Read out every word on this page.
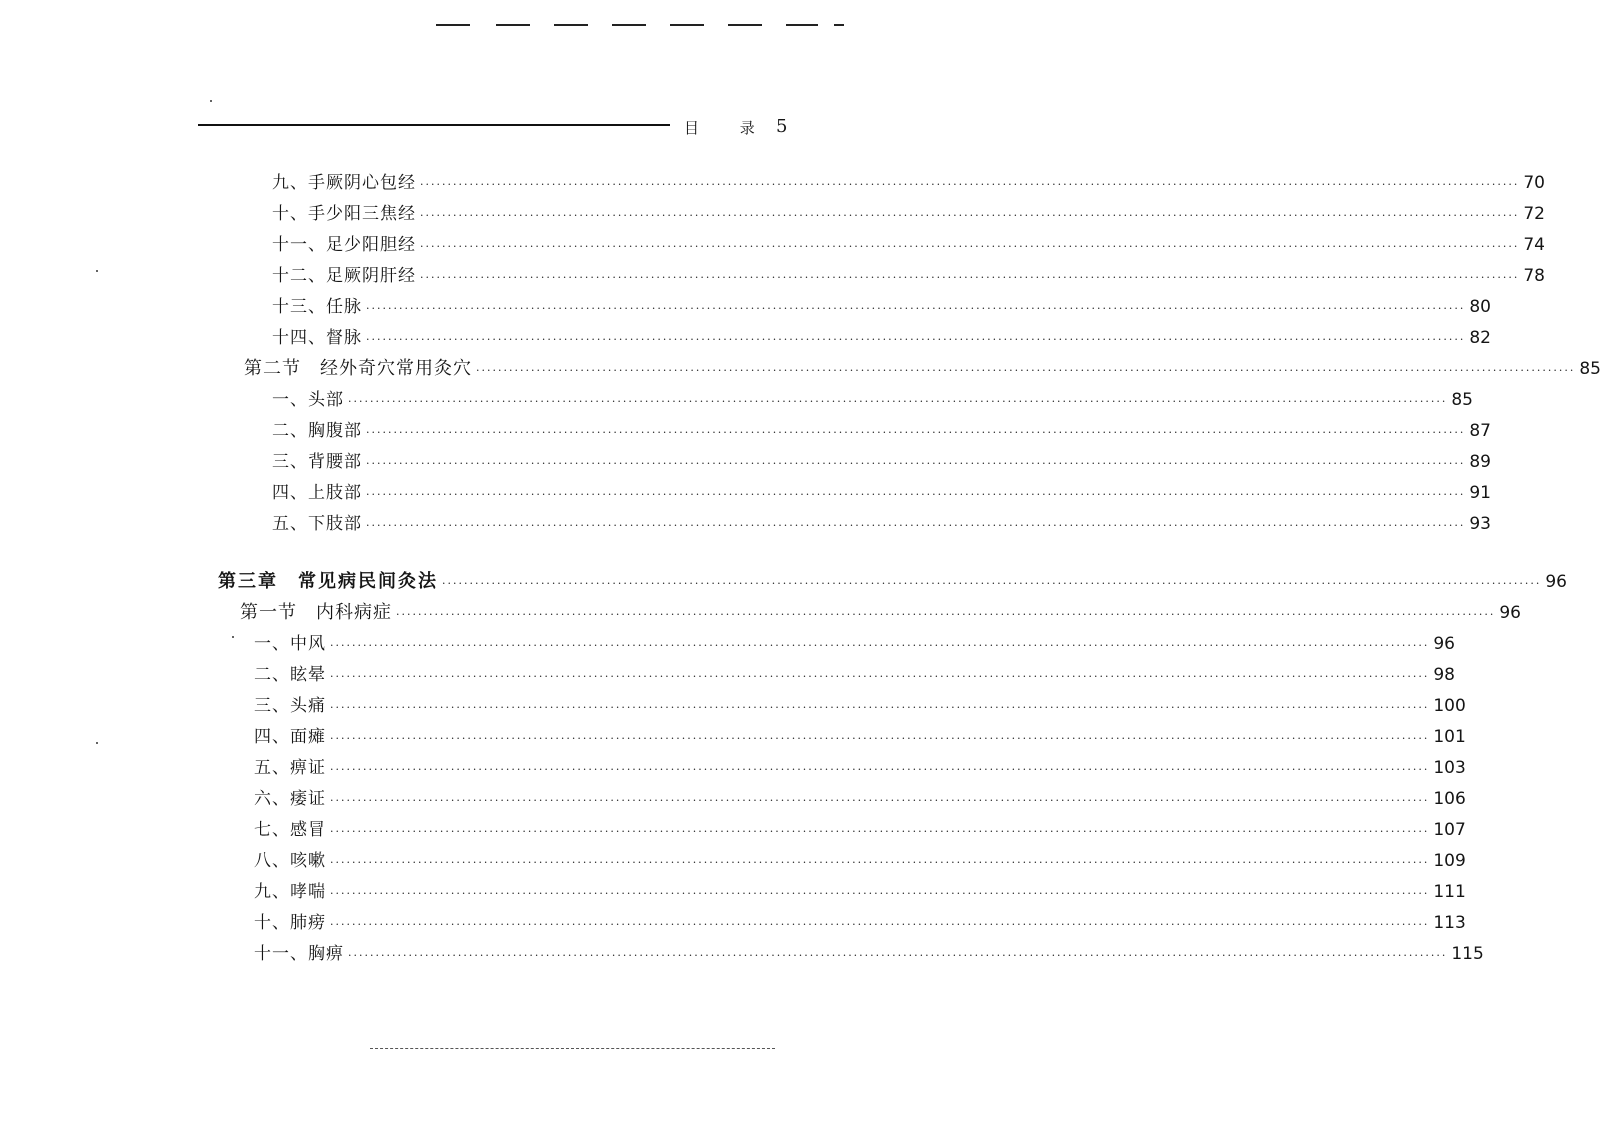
目 录 5
九、手厥阴心包经 ········································································································································································································ 70
十、手少阳三焦经 ········································································································································································································ 72
十一、足少阳胆经 ········································································································································································································ 74
十二、足厥阴肝经 ········································································································································································································ 78
十三、任脉 ········································································································································································································ 80
十四、督脉 ········································································································································································································ 82
第二节　经外奇穴常用灸穴 ········································································································································································································ 85
一、头部 ········································································································································································································ 85
二、胸腹部 ········································································································································································································ 87
三、背腰部 ········································································································································································································ 89
四、上肢部 ········································································································································································································ 91
五、下肢部 ········································································································································································································ 93
第三章　常见病民间灸法 ········································································································································································································ 96
第一节　内科病症 ········································································································································································································ 96
一、中风 ········································································································································································································ 96
二、眩晕 ········································································································································································································ 98
三、头痛 ········································································································································································································ 100
四、面瘫 ········································································································································································································ 101
五、痹证 ········································································································································································································ 103
六、痿证 ········································································································································································································ 106
七、感冒 ········································································································································································································ 107
八、咳嗽 ········································································································································································································ 109
九、哮喘 ········································································································································································································ 111
十、肺痨 ········································································································································································································ 113
十一、胸痹 ········································································································································································································ 115
